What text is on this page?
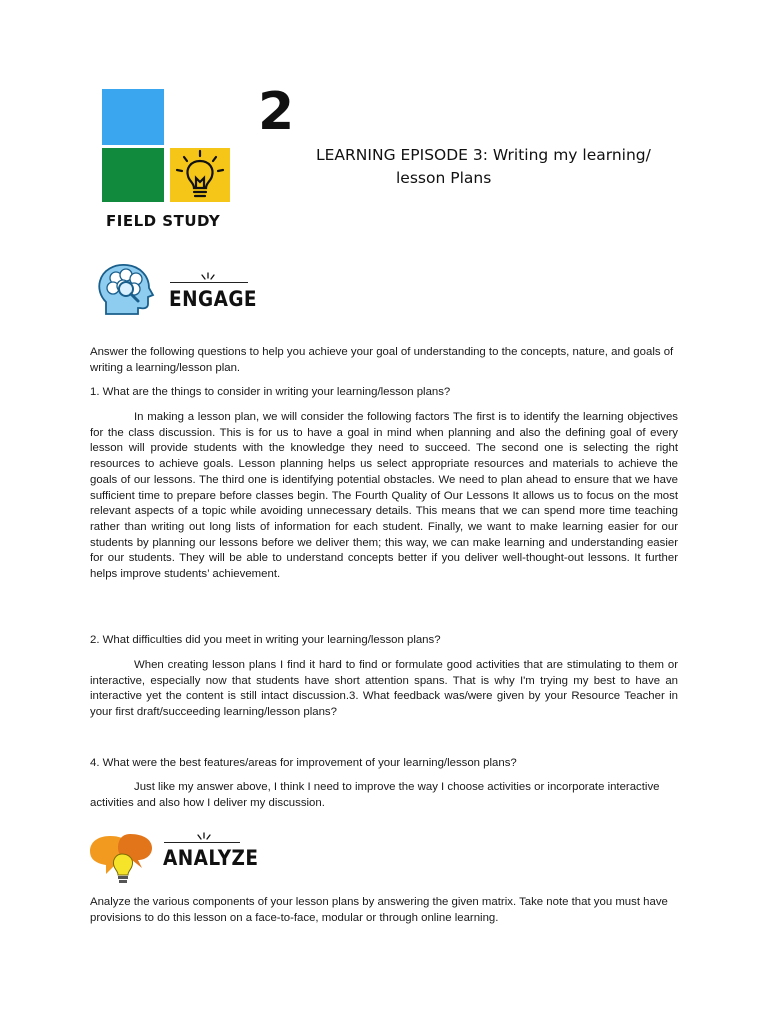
2
FIELD STUDY
LEARNING EPISODE 3: Writing my learning/
lesson Plans
ENGAGE

Answer the following questions to help you achieve your goal of understanding to the concepts, nature, and goals of writing a learning/lesson plan.

1. What are the things to consider in writing your learning/lesson plans?

In making a lesson plan, we will consider the following factors The first is to identify the learning objectives for the class discussion. This is for us to have a goal in mind when planning and also the defining goal of every lesson will provide students with the knowledge they need to succeed. The second one is selecting the right resources to achieve goals. Lesson planning helps us select appropriate resources and materials to achieve the goals of our lessons. The third one is identifying potential obstacles. We need to plan ahead to ensure that we have sufficient time to prepare before classes begin. The Fourth Quality of Our Lessons It allows us to focus on the most relevant aspects of a topic while avoiding unnecessary details. This means that we can spend more time teaching rather than writing out long lists of information for each student. Finally, we want to make learning easier for our students by planning our lessons before we deliver them; this way, we can make learning and understanding easier for our students. They will be able to understand concepts better if you deliver well-thought-out lessons. It further helps improve students’ achievement.

2. What difficulties did you meet in writing your learning/lesson plans?

When creating lesson plans I find it hard to find or formulate good activities that are stimulating to them or interactive, especially now that students have short attention spans. That is why I'm trying my best to have an interactive yet the content is still intact discussion.3. What feedback was/were given by your Resource Teacher in your first draft/succeeding learning/lesson plans?

4. What were the best features/areas for improvement of your learning/lesson plans?

Just like my answer above, I think I need to improve the way I choose activities or incorporate interactive activities and also how I deliver my discussion.

ANALYZE

Analyze the various components of your lesson plans by answering the given matrix. Take note that you must have provisions to do this lesson on a face-to-face, modular or through online learning.
